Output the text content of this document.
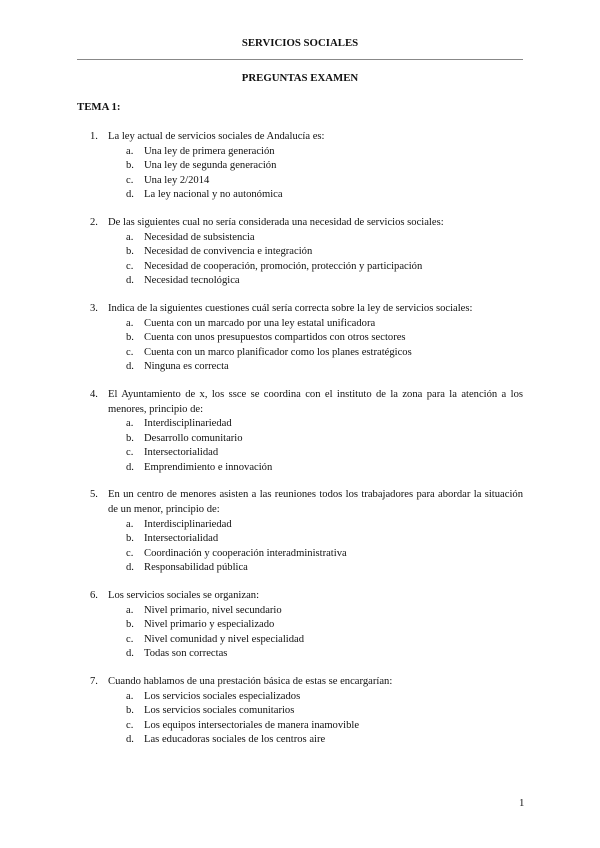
SERVICIOS SOCIALES
PREGUNTAS EXAMEN
TEMA 1:
1. La ley actual de servicios sociales de Andalucía es:
a.	Una ley de primera generación
b. Una ley de segunda generación
c.	Una ley 2/2014
d. La ley nacional y no autonómica
2. De las siguientes cual no sería considerada una necesidad de servicios sociales:
a.	Necesidad de subsistencia
b. Necesidad de convivencia e integración
c.	Necesidad de cooperación, promoción, protección y participación
d. Necesidad tecnológica
3. Indica de la siguientes cuestiones cuál sería correcta sobre la ley de servicios sociales:
a.	Cuenta con un marcado por una ley estatal unificadora
b. Cuenta con unos presupuestos compartidos con otros sectores
c.	Cuenta con un marco planificador como los planes estratégicos
d. Ninguna es correcta
4. El Ayuntamiento de x, los ssce se coordina con el instituto de la zona para la atención a los menores, principio de:
a.	Interdisciplinariedad
b. Desarrollo comunitario
c.	Intersectorialidad
d. Emprendimiento e innovación
5. En un centro de menores asisten a las reuniones todos los trabajadores para abordar la situación de un menor, principio de:
a.	Interdisciplinariedad
b. Intersectorialidad
c.	Coordinación y cooperación interadministrativa
d. Responsabilidad pública
6. Los servicios sociales se organizan:
a.	Nivel primario, nivel secundario
b. Nivel primario y especializado
c.	Nivel comunidad y nivel especialidad
d. Todas son correctas
7. Cuando hablamos de una prestación básica de estas se encargarían:
a.	Los servicios sociales especializados
b. Los servicios sociales comunitarios
c.	Los equipos intersectoriales de manera inamovible
d. Las educadoras sociales de los centros aire
1
